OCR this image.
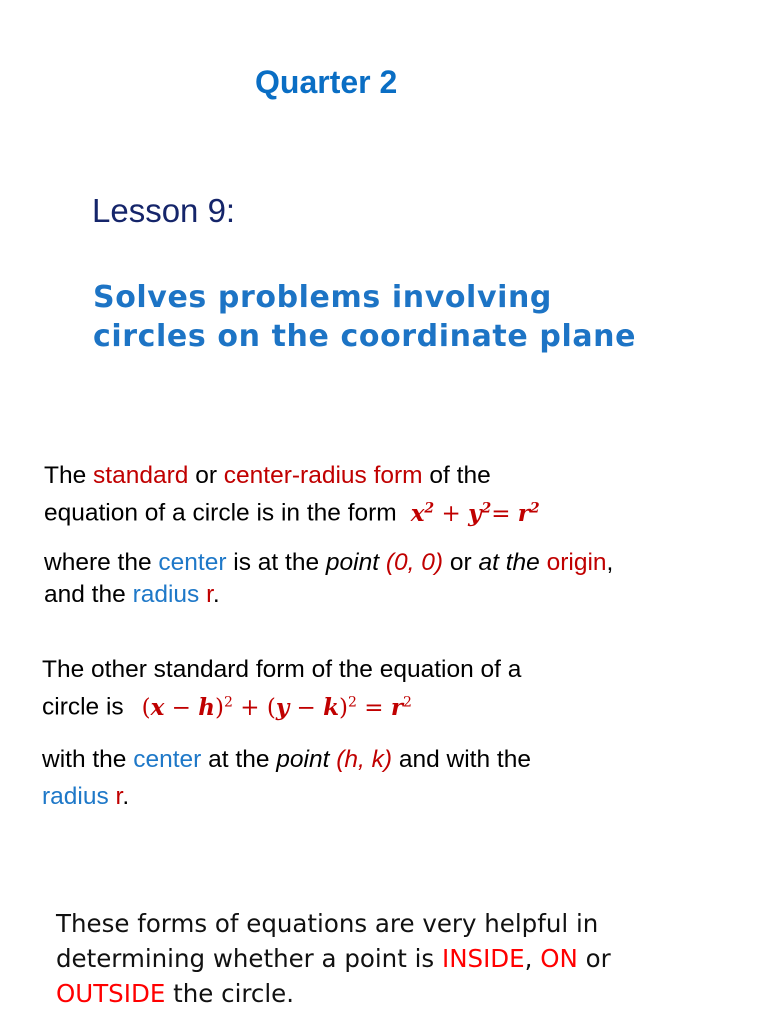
Quarter 2
Lesson 9:
Solves problems involving
circles on the coordinate plane
The standard or center-radius form of the
equation of a circle is in the form $x^2 + y^2= r^2$
where the center is at the point (0, 0) or at the origin,
and the radius r.
The other standard form of the equation of a
circle is $(x - h)^2 + (y - k)^2 = r^2$
with the center at the point (h, k) and with the
radius r.
These forms of equations are very helpful in
determining whether a point is INSIDE, ON or
OUTSIDE the circle.
